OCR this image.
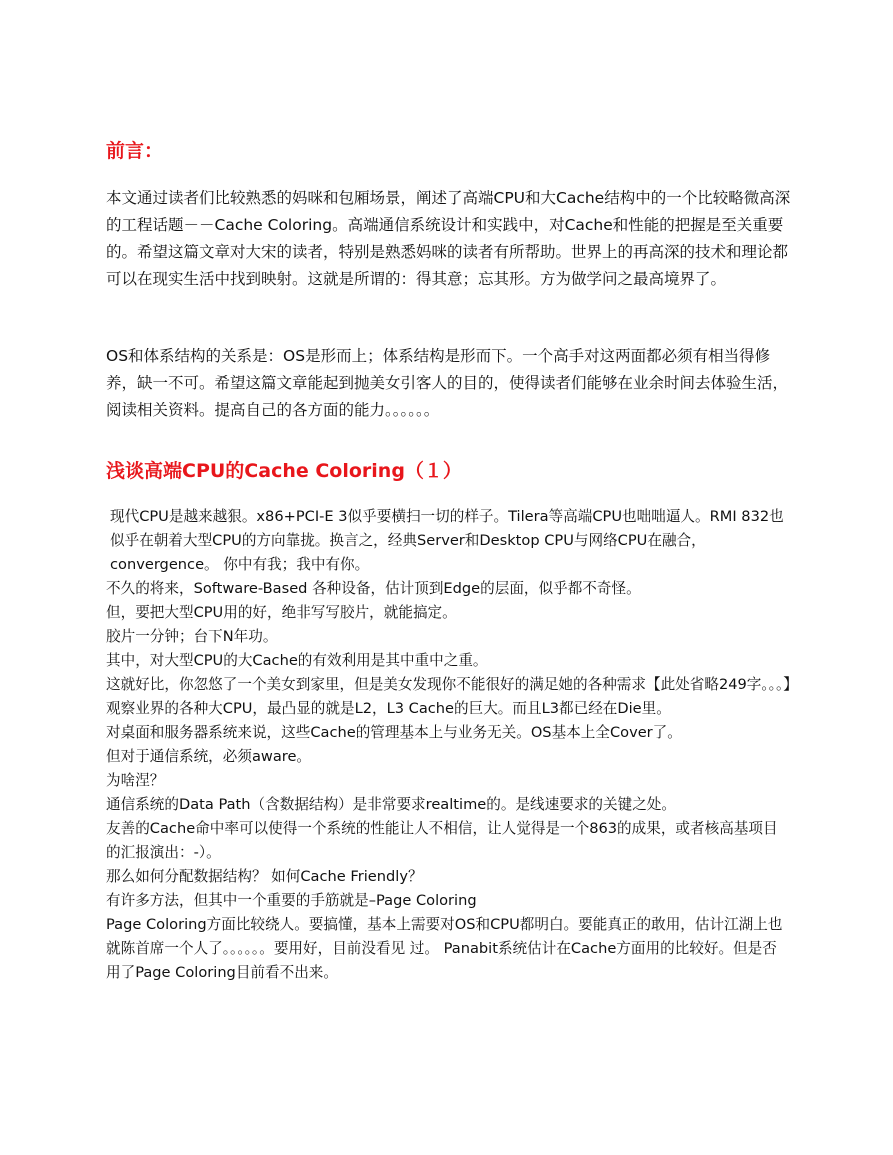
前言：

本文通过读者们比较熟悉的妈咪和包厢场景，阐述了高端CPU和大Cache结构中的一个比较略微高深的工程话题－－Cache Coloring。高端通信系统设计和实践中，对Cache和性能的把握是至关重要的。希望这篇文章对大宋的读者，特别是熟悉妈咪的读者有所帮助。世界上的再高深的技术和理论都可以在现实生活中找到映射。这就是所谓的：得其意；忘其形。方为做学问之最高境界了。

OS和体系结构的关系是：OS是形而上；体系结构是形而下。一个高手对这两面都必须有相当得修养，缺一不可。希望这篇文章能起到抛美女引客人的目的，使得读者们能够在业余时间去体验生活，阅读相关资料。提高自己的各方面的能力。。。。。。

浅谈高端CPU的Cache Coloring（１）
现代CPU是越来越狠。x86+PCI-E 3似乎要横扫一切的样子。Tilera等高端CPU也咄咄逼人。RMI 832也似乎在朝着大型CPU的方向靠拢。换言之，经典Server和Desktop CPU与网络CPU在融合，convergence。 你中有我；我中有你。
不久的将来，Software-Based 各种设备，估计顶到Edge的层面，似乎都不奇怪。
但，要把大型CPU用的好，绝非写写胶片，就能搞定。
胶片一分钟；台下N年功。
其中，对大型CPU的大Cache的有效利用是其中重中之重。
这就好比，你忽悠了一个美女到家里，但是美女发现你不能很好的满足她的各种需求【此处省略249字。。。】
观察业界的各种大CPU，最凸显的就是L2，L3 Cache的巨大。而且L3都已经在Die里。
对桌面和服务器系统来说，这些Cache的管理基本上与业务无关。OS基本上全Cover了。
但对于通信系统，必须aware。
为啥涅？
通信系统的Data Path（含数据结构）是非常要求realtime的。是线速要求的关键之处。
友善的Cache命中率可以使得一个系统的性能让人不相信，让人觉得是一个863的成果，或者核高基项目的汇报演出：-）。
那么如何分配数据结构？ 如何Cache Friendly？
有许多方法，但其中一个重要的手筋就是–Page Coloring
Page Coloring方面比较绕人。要搞懂，基本上需要对OS和CPU都明白。要能真正的敢用，估计江湖上也就陈首席一个人了。。。。。。要用好，目前没看见 过。 Panabit系统估计在Cache方面用的比较好。但是否用了Page Coloring目前看不出来。
